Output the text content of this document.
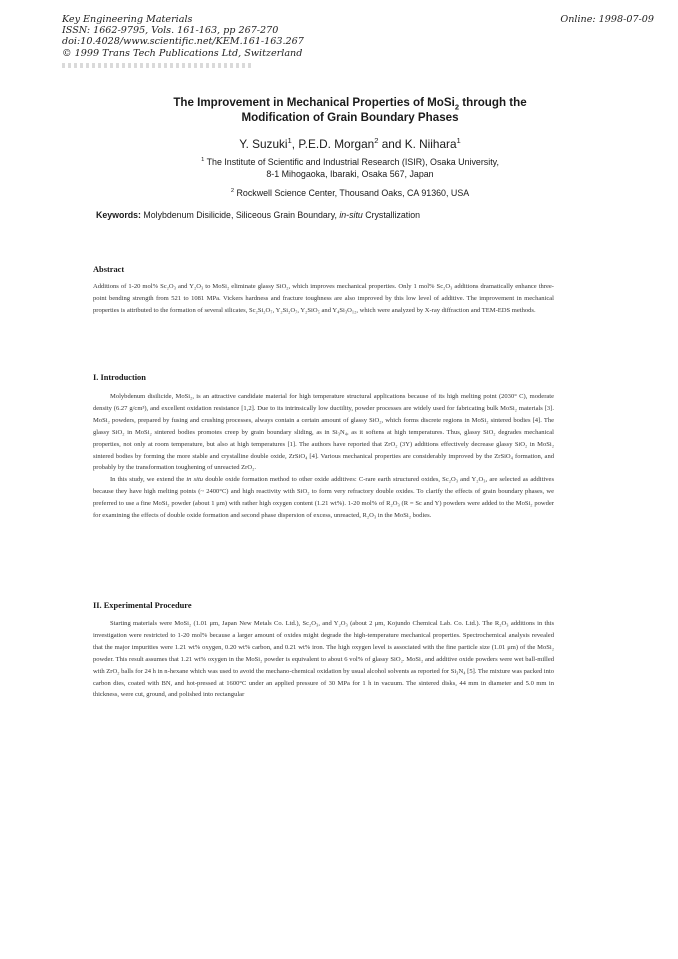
Key Engineering Materials
ISSN: 1662-9795, Vols. 161-163, pp 267-270
doi:10.4028/www.scientific.net/KEM.161-163.267
© 1999 Trans Tech Publications Ltd, Switzerland
Online: 1998-07-09
The Improvement in Mechanical Properties of MoSi$_2$ through the
Modification of Grain Boundary Phases
Y. Suzuki$^1$, P.E.D. Morgan$^2$ and K. Niihara$^1$
$^1$ The Institute of Scientific and Industrial Research (ISIR), Osaka University,
8-1 Mihogaoka, Ibaraki, Osaka 567, Japan
$^2$ Rockwell Science Center, Thousand Oaks, CA 91360, USA
Keywords: Molybdenum Disilicide, Siliceous Grain Boundary, in-situ Crystallization
Abstract

Additions of 1-20 mol% Sc₂O₃ and Y₂O₃ to MoSi₂ eliminate glassy SiO₂, which improves mechanical properties. Only 1 mol% Sc₂O₃ additions dramatically enhance three-point bending strength from 521 to 1081 MPa. Vickers hardness and fracture toughness are also improved by this low level of additive. The improvement in mechanical properties is attributed to the formation of several silicates, Sc₂Si₂O₇, Y₂Si₂O₇, Y₂SiO₅ and Y₄Si₃O₁₂, which were analyzed by X-ray diffraction and TEM-EDS methods.

I. Introduction

Molybdenum disilicide, MoSi₂, is an attractive candidate material for high temperature structural applications because of its high melting point (2030° C), moderate density (6.27 g/cm³), and excellent oxidation resistance [1,2]. Due to its intrinsically low ductility, powder processes are widely used for fabricating bulk MoSi₂ materials [3]. MoSi₂ powders, prepared by fusing and crushing processes, always contain a certain amount of glassy SiO₂, which forms discrete regions in MoSi₂ sintered bodies [4]. The glassy SiO₂ in MoSi₂ sintered bodies promotes creep by grain boundary sliding, as in Si₃N₄, as it softens at high temperatures. Thus, glassy SiO₂ degrades mechanical properties, not only at room temperature, but also at high temperatures [1]. The authors have reported that ZrO₂ (3Y) additions effectively decrease glassy SiO₂ in MoSi₂ sintered bodies by forming the more stable and crystalline double oxide, ZrSiO₄ [4]. Various mechanical properties are considerably improved by the ZrSiO₄ formation, and probably by the transformation toughening of unreacted ZrO₂.

In this study, we extend the in situ double oxide formation method to other oxide additives: C-rare earth structured oxides, Sc₂O₃ and Y₂O₃, are selected as additives because they have high melting points (~ 2400°C) and high reactivity with SiO₂ to form very refractory double oxides. To clarify the effects of grain boundary phases, we preferred to use a fine MoSi₂ powder (about 1 μm) with rather high oxygen content (1.21 wt%). 1-20 mol% of R₂O₃ (R = Sc and Y) powders were added to the MoSi₂ powder for examining the effects of double oxide formation and second phase dispersion of excess, unreacted, R₂O₃ in the MoSi₂ bodies.

II. Experimental Procedure

Starting materials were MoSi₂ (1.01 μm, Japan New Metals Co. Ltd.), Sc₂O₃, and Y₂O₃ (about 2 μm, Kojundo Chemical Lab. Co. Ltd.). The R₂O₃ additions in this investigation were restricted to 1-20 mol% because a larger amount of oxides might degrade the high-temperature mechanical properties. Spectrochemical analysis revealed that the major impurities were 1.21 wt% oxygen, 0.20 wt% carbon, and 0.21 wt% iron. The high oxygen level is associated with the fine particle size (1.01 μm) of the MoSi₂ powder. This result assumes that 1.21 wt% oxygen in the MoSi₂ powder is equivalent to about 6 vol% of glassy SiO₂. MoSi₂ and additive oxide powders were wet ball-milled with ZrO₂ balls for 24 h in n-hexane which was used to avoid the mechano-chemical oxidation by usual alcohol solvents as reported for Si₃N₄ [5]. The mixture was packed into carbon dies, coated with BN, and hot-pressed at 1600°C under an applied pressure of 30 MPa for 1 h in vacuum. The sintered disks, 44 mm in diameter and 5.0 mm in thickness, were cut, ground, and polished into rectangular
